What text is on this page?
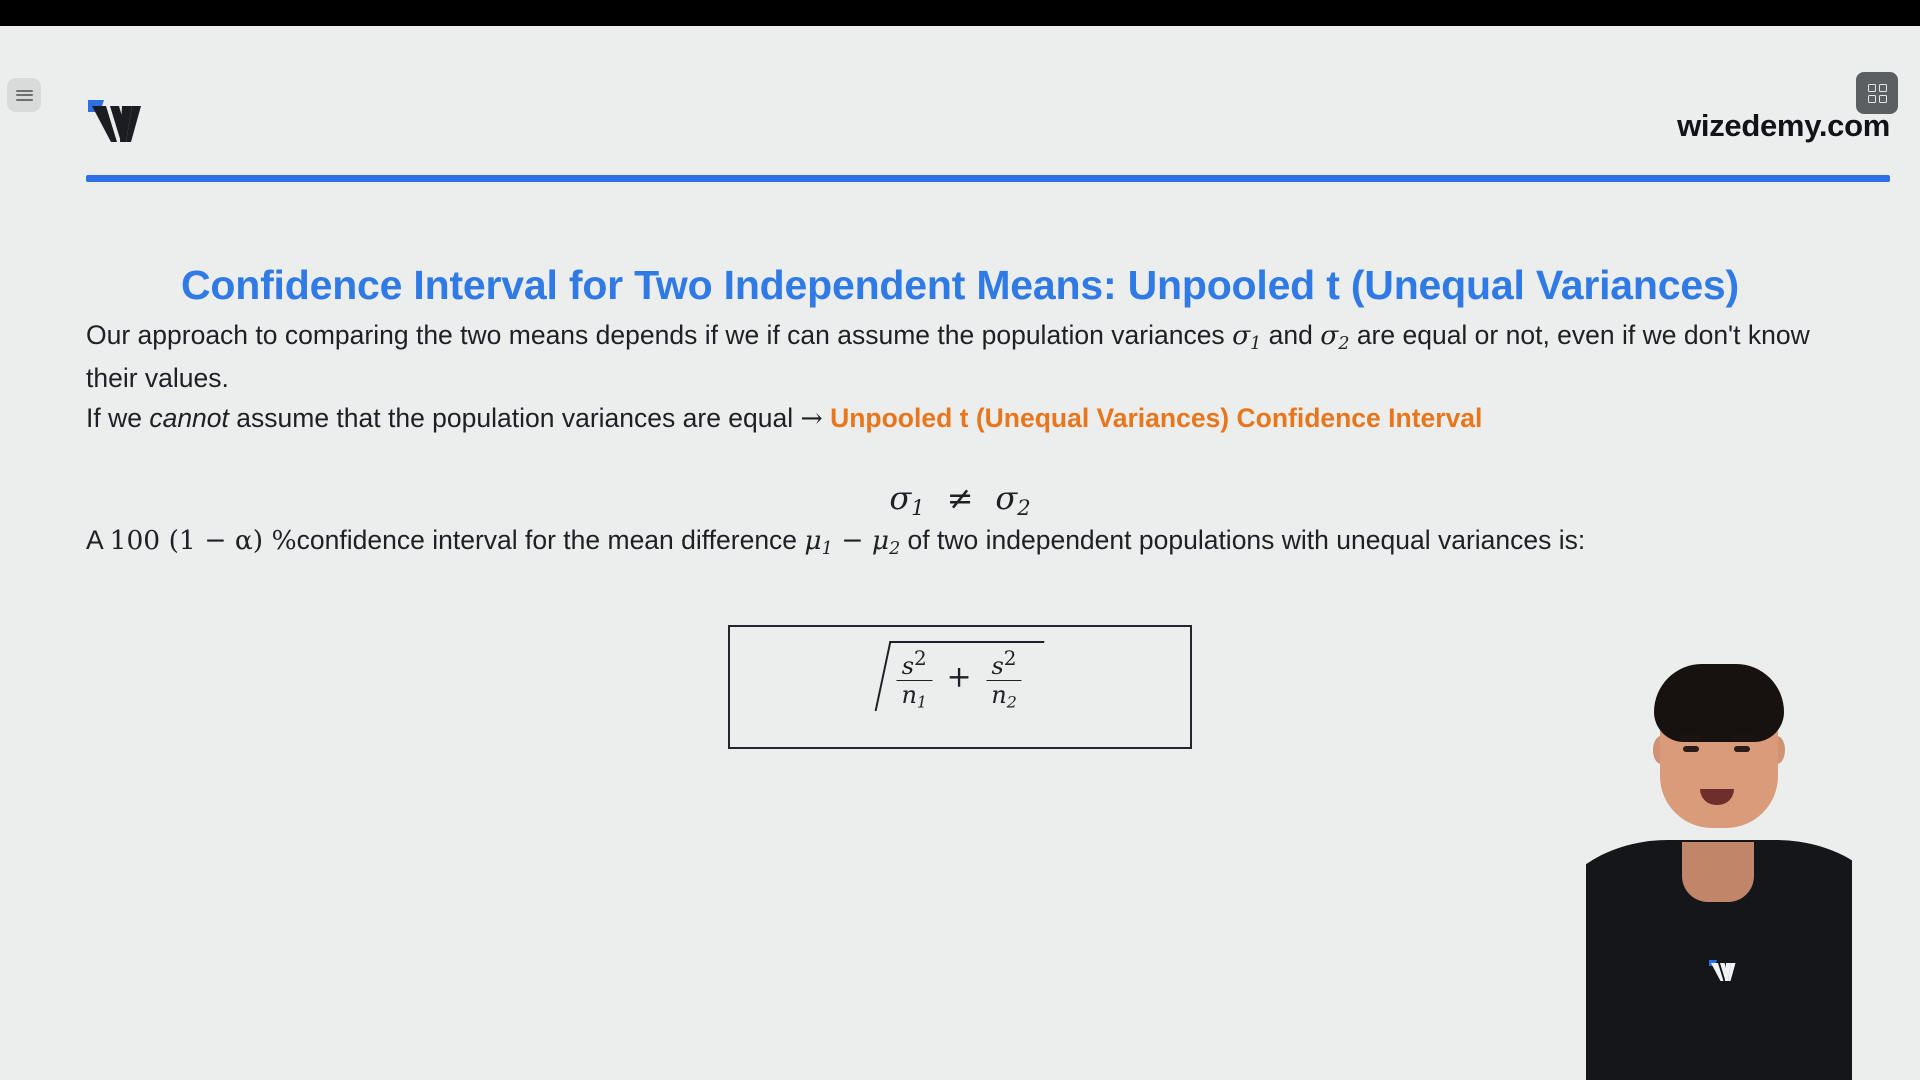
wizedemy.com
Confidence Interval for Two Independent Means: Unpooled t (Unequal Variances)

Our approach to comparing the two means depends if we if can assume the population variances $\sigma_1$ and $\sigma_2$ are equal or not, even if we don't know their values.

If we cannot assume that the population variances are equal → Unpooled t (Unequal Variances) Confidence Interval

$\sigma_1 \ne \sigma_2$

A 100 (1 − α) %confidence interval for the mean difference $\mu_1 - \mu_2$ of two independent populations with unequal variances is:

$\frac{s^2}{n_1} + \frac{s^2}{n_2}$
